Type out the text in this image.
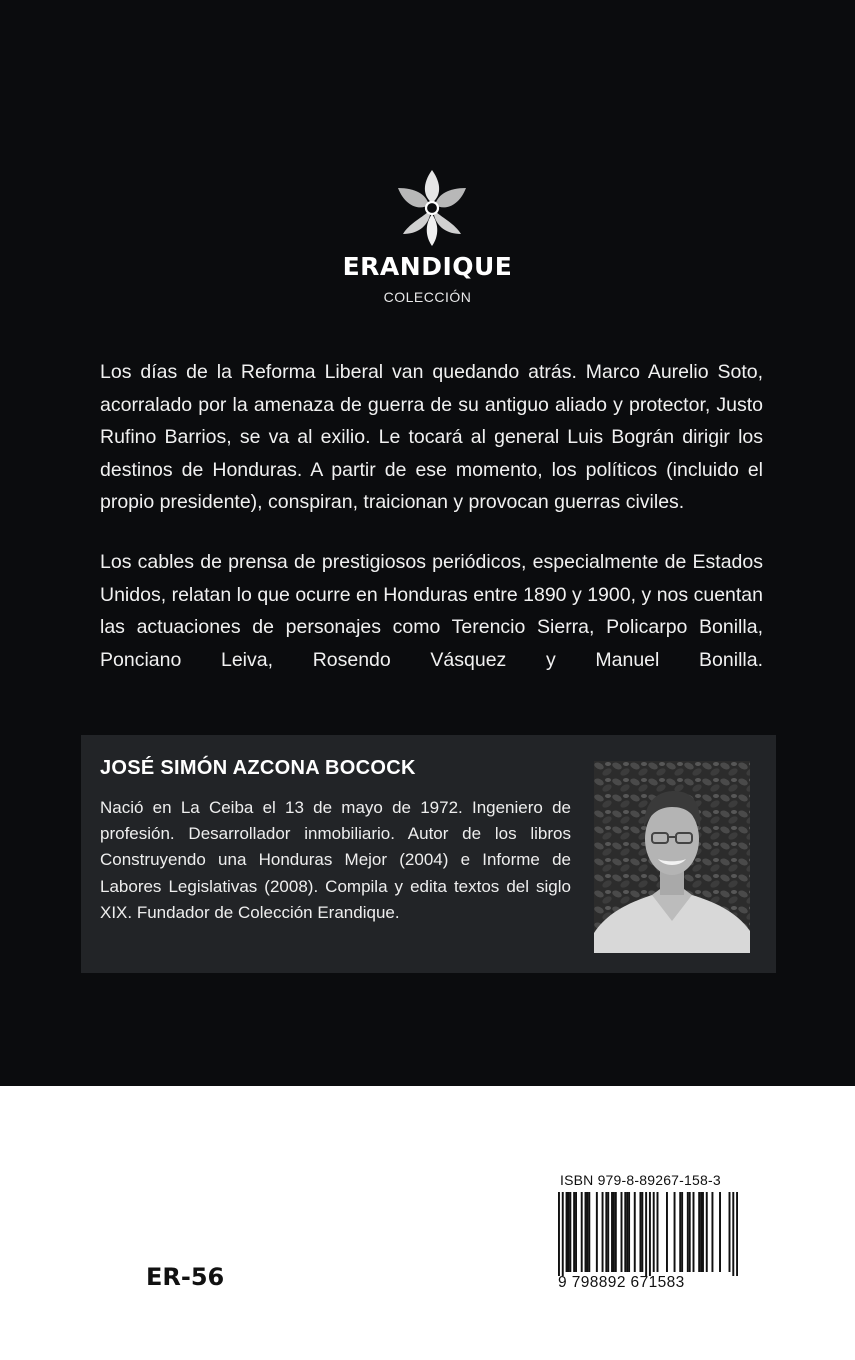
ERANDIQUE
COLECCIÓN

Los días de la Reforma Liberal van quedando atrás. Marco Aurelio Soto, acorralado por la amenaza de guerra de su antiguo aliado y protector, Justo Rufino Barrios, se va al exilio. Le tocará al general Luis Bográn dirigir los destinos de Honduras. A partir de ese momento, los políticos (incluido el propio presidente), conspiran, traicionan y provocan guerras civiles.

Los cables de prensa de prestigiosos periódicos, especialmente de Estados Unidos, relatan lo que ocurre en Honduras entre 1890 y 1900, y nos cuentan las actuaciones de personajes como Terencio Sierra, Policarpo Bonilla, Ponciano Leiva, Rosendo Vásquez y Manuel Bonilla.

JOSÉ SIMÓN AZCONA BOCOCK

Nació en La Ceiba el 13 de mayo de 1972. Ingeniero de profesión. Desarrollador inmobiliario. Autor de los libros Construyendo una Honduras Mejor (2004) e Informe de Labores Legislativas (2008). Compila y edita textos del siglo XIX. Fundador de Colección Erandique.

ER-56
ISBN 979-8-89267-158-3
9 798892 671583
